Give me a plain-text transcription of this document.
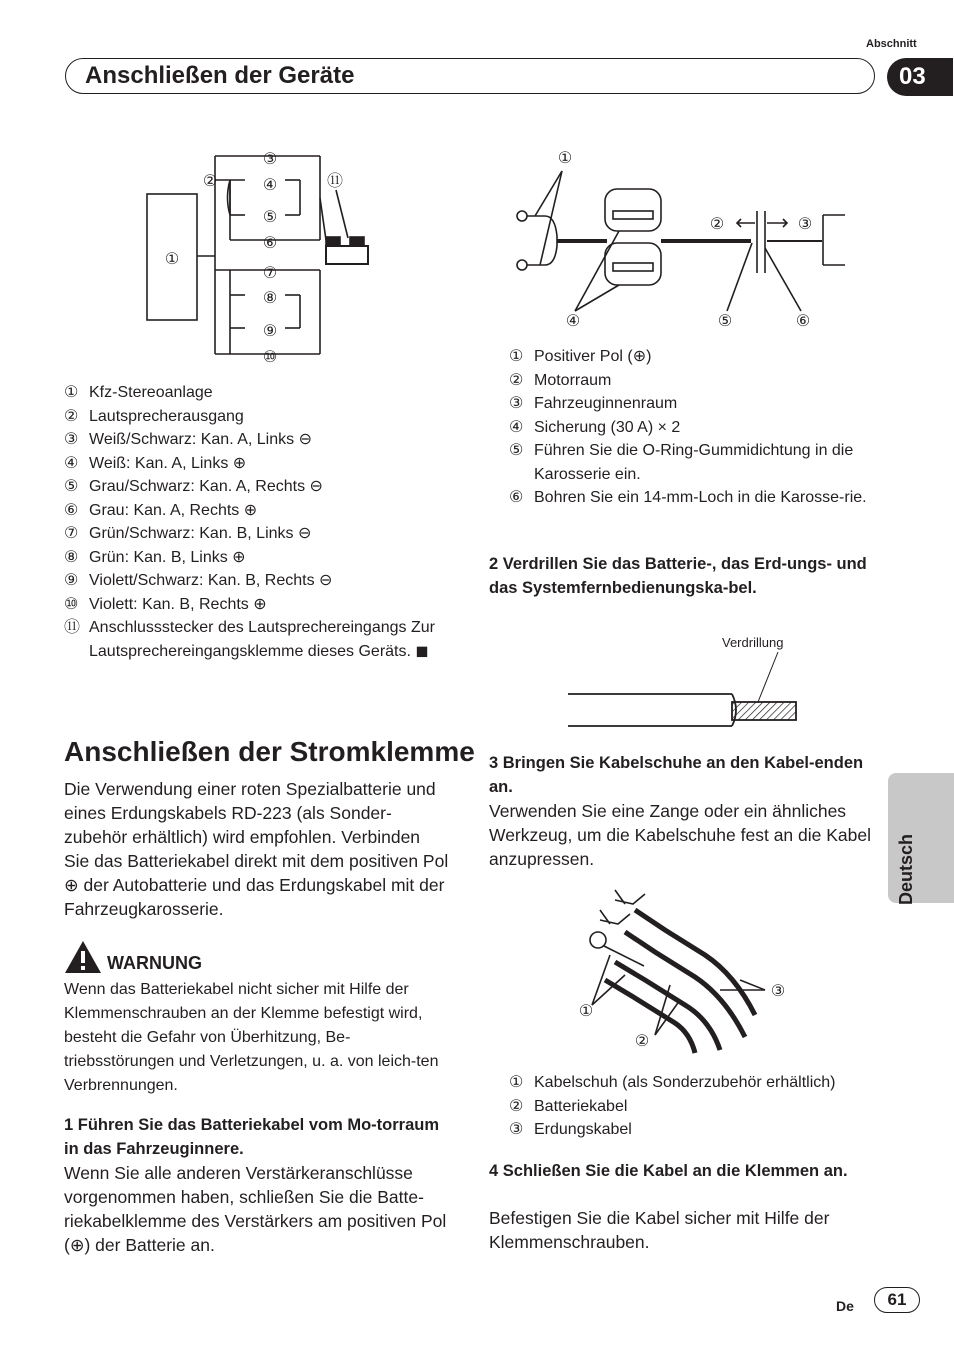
Abschnitt
Anschließen der Geräte	03
Deutsch
①
②
③
④
⑤
⑥
⑦
⑧
⑨
⑩
⑪
① Kfz-Stereoanlage
② Lautsprecherausgang
③ Weiß/Schwarz: Kan. A, Links ⊖
④ Weiß: Kan. A, Links ⊕
⑤ Grau/Schwarz: Kan. A, Rechts ⊖
⑥ Grau: Kan. A, Rechts ⊕
⑦ Grün/Schwarz: Kan. B, Links ⊖
⑧ Grün: Kan. B, Links ⊕
⑨ Violett/Schwarz: Kan. B, Rechts ⊖
⑩ Violett: Kan. B, Rechts ⊕
⑪ Anschlussstecker des Lautsprechereingangs Zur Lautsprechereingangsklemme dieses Geräts. ◼
Anschließen der Stromklemme
Die Verwendung einer roten Spezialbatterie und eines Erdungskabels RD-223 (als Sonder-zubehör erhältlich) wird empfohlen. Verbinden Sie das Batteriekabel direkt mit dem positiven Pol ⊕ der Autobatterie und das Erdungskabel mit der Fahrzeugkarosserie.
WARNUNG
Wenn das Batteriekabel nicht sicher mit Hilfe der Klemmenschrauben an der Klemme befestigt wird, besteht die Gefahr von Überhitzung, Be-triebsstörungen und Verletzungen, u. a. von leich-ten Verbrennungen.
1 Führen Sie das Batteriekabel vom Mo-torraum in das Fahrzeuginnere.
Wenn Sie alle anderen Verstärkeranschlüsse vorgenommen haben, schließen Sie die Batte-riekabelklemme des Verstärkers am positiven Pol (⊕) der Batterie an.
①
②	③
④	⑤	⑥
① Positiver Pol (⊕)
② Motorraum
③ Fahrzeuginnenraum
④ Sicherung (30 A) × 2
⑤ Führen Sie die O-Ring-Gummidichtung in die Karosserie ein.
⑥ Bohren Sie ein 14-mm-Loch in die Karosse-rie.
2 Verdrillen Sie das Batterie-, das Erd-ungs- und das Systemfernbedienungska-bel.
Verdrillung
3 Bringen Sie Kabelschuhe an den Kabel-enden an.
Verwenden Sie eine Zange oder ein ähnliches Werkzeug, um die Kabelschuhe fest an die Kabel anzupressen.
①
②
③
① Kabelschuh (als Sonderzubehör erhältlich)
② Batteriekabel
③ Erdungskabel
4 Schließen Sie die Kabel an die Klemmen an.
Befestigen Sie die Kabel sicher mit Hilfe der Klemmenschrauben.
De	61
